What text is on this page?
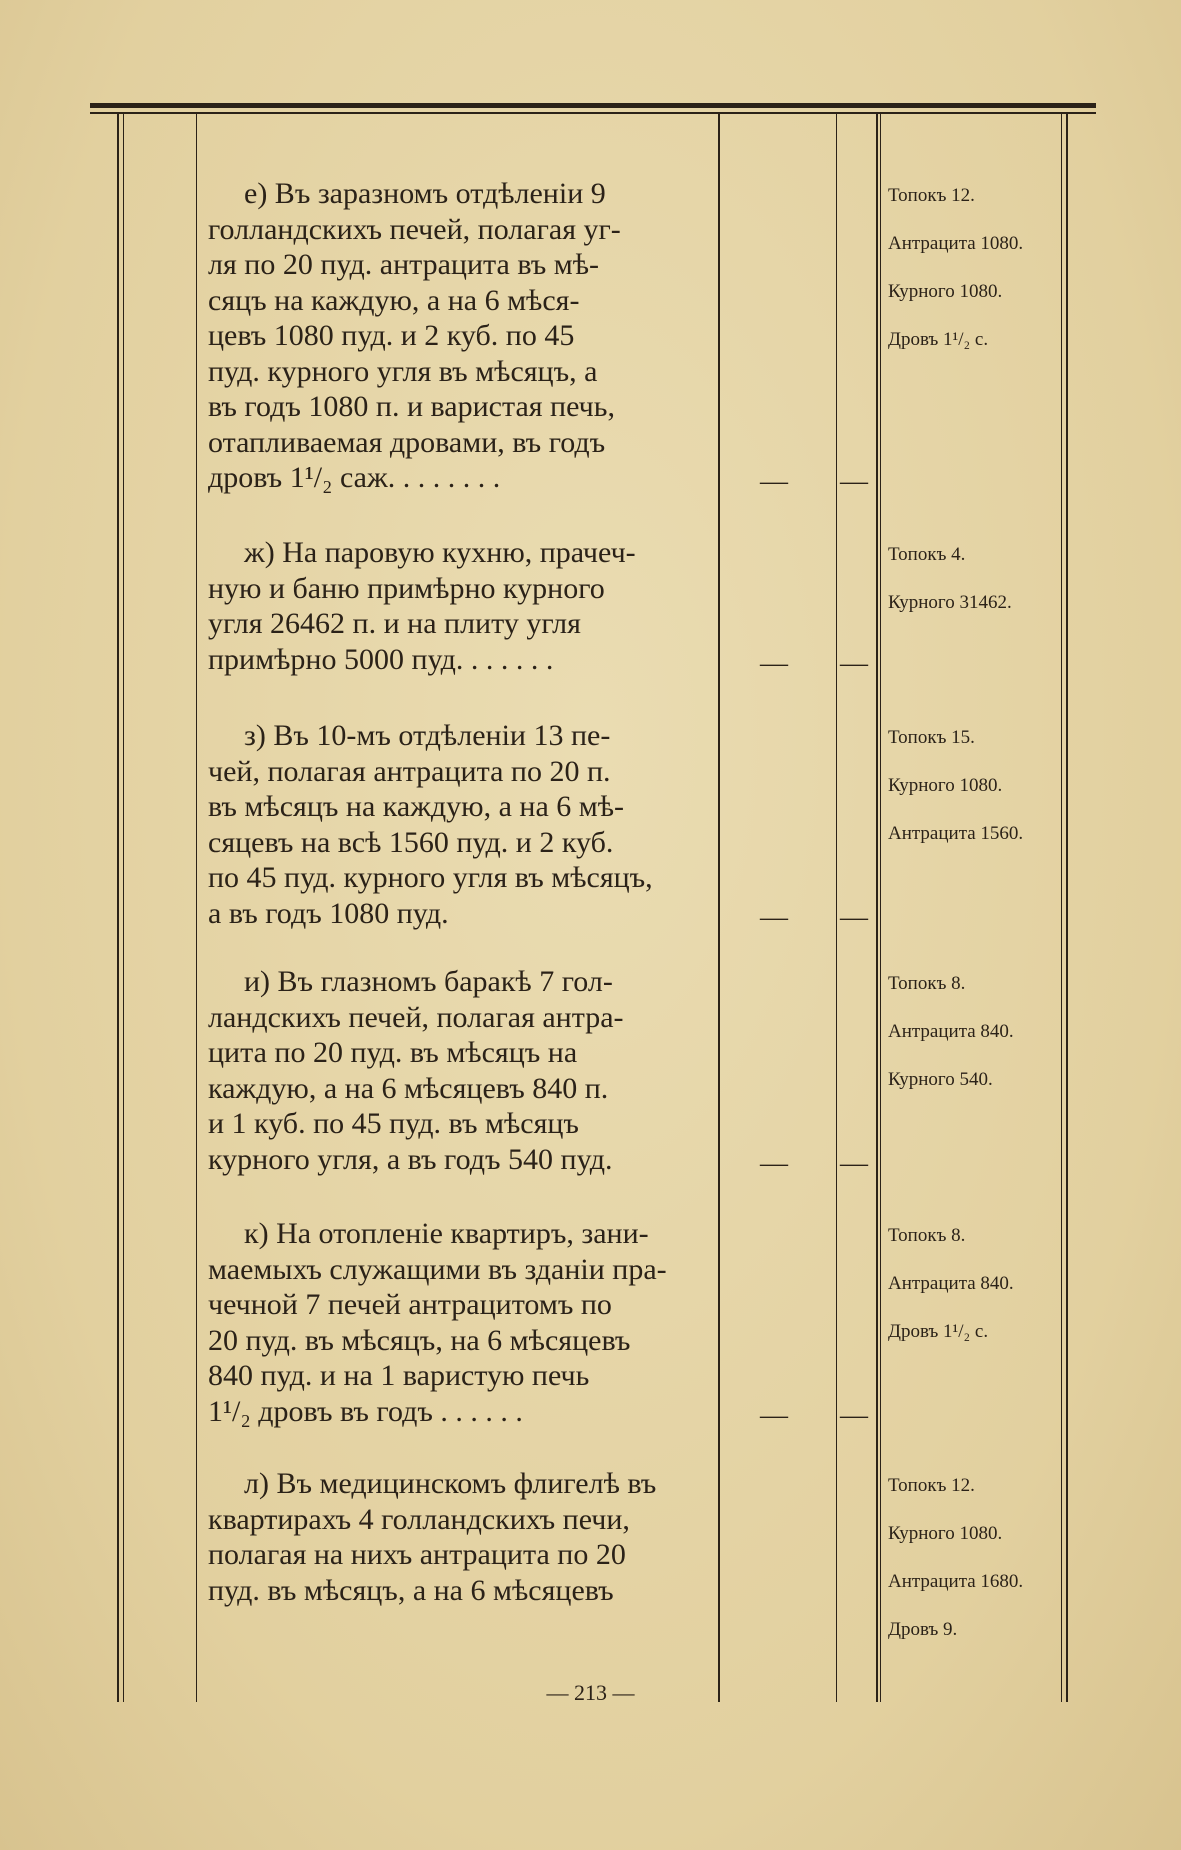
е) Въ заразномъ отдѣленіи 9
голландскихъ печей, полагая уг-
ля по 20 пуд. антрацита въ мѣ-
сяцъ на каждую, а на 6 мѣся-
цевъ 1080 пуд. и 2 куб. по 45
пуд. курного угля въ мѣсяцъ, а
въ годъ 1080 п. и варистая печь,
отапливаемая дровами, въ годъ
дровъ 1¹/₂ саж. . . . . . . .	— —
Топокъ 12.
Антрацита 1080.
Курного 1080.
Дровъ 1¹/₂ с.
ж) На паровую кухню, прачеч-
ную и баню примѣрно курного
угля 26462 п. и на плиту угля
примѣрно 5000 пуд. . . . . . .	— —
Топокъ 4.
Курного 31462.
з) Въ 10-мъ отдѣленіи 13 пе-
чей, полагая антрацита по 20 п.
въ мѣсяцъ на каждую, а на 6 мѣ-
сяцевъ на всѣ 1560 пуд. и 2 куб.
по 45 пуд. курного угля въ мѣсяцъ,
а въ годъ 1080 пуд.	— —
Топокъ 15.
Курного 1080.
Антрацита 1560.
и) Въ глазномъ баракѣ 7 гол-
ландскихъ печей, полагая антра-
цита по 20 пуд. въ мѣсяцъ на
каждую, а на 6 мѣсяцевъ 840 п.
и 1 куб. по 45 пуд. въ мѣсяцъ
курного угля, а въ годъ 540 пуд.	— —
Топокъ 8.
Антрацита 840.
Курного 540.
к) На отопленіе квартиръ, зани-
маемыхъ служащими въ зданіи пра-
чечной 7 печей антрацитомъ по
20 пуд. въ мѣсяцъ, на 6 мѣсяцевъ
840 пуд. и на 1 варистую печь
1¹/₂ дровъ въ годъ . . . . . .	— —
Топокъ 8.
Антрацита 840.
Дровъ 1¹/₂ с.
л) Въ медицинскомъ флигелѣ въ
квартирахъ 4 голландскихъ печи,
полагая на нихъ антрацита по 20
пуд. въ мѣсяцъ, а на 6 мѣсяцевъ
Топокъ 12.
Курного 1080.
Антрацита 1680.
Дровъ 9.
— 213 —
